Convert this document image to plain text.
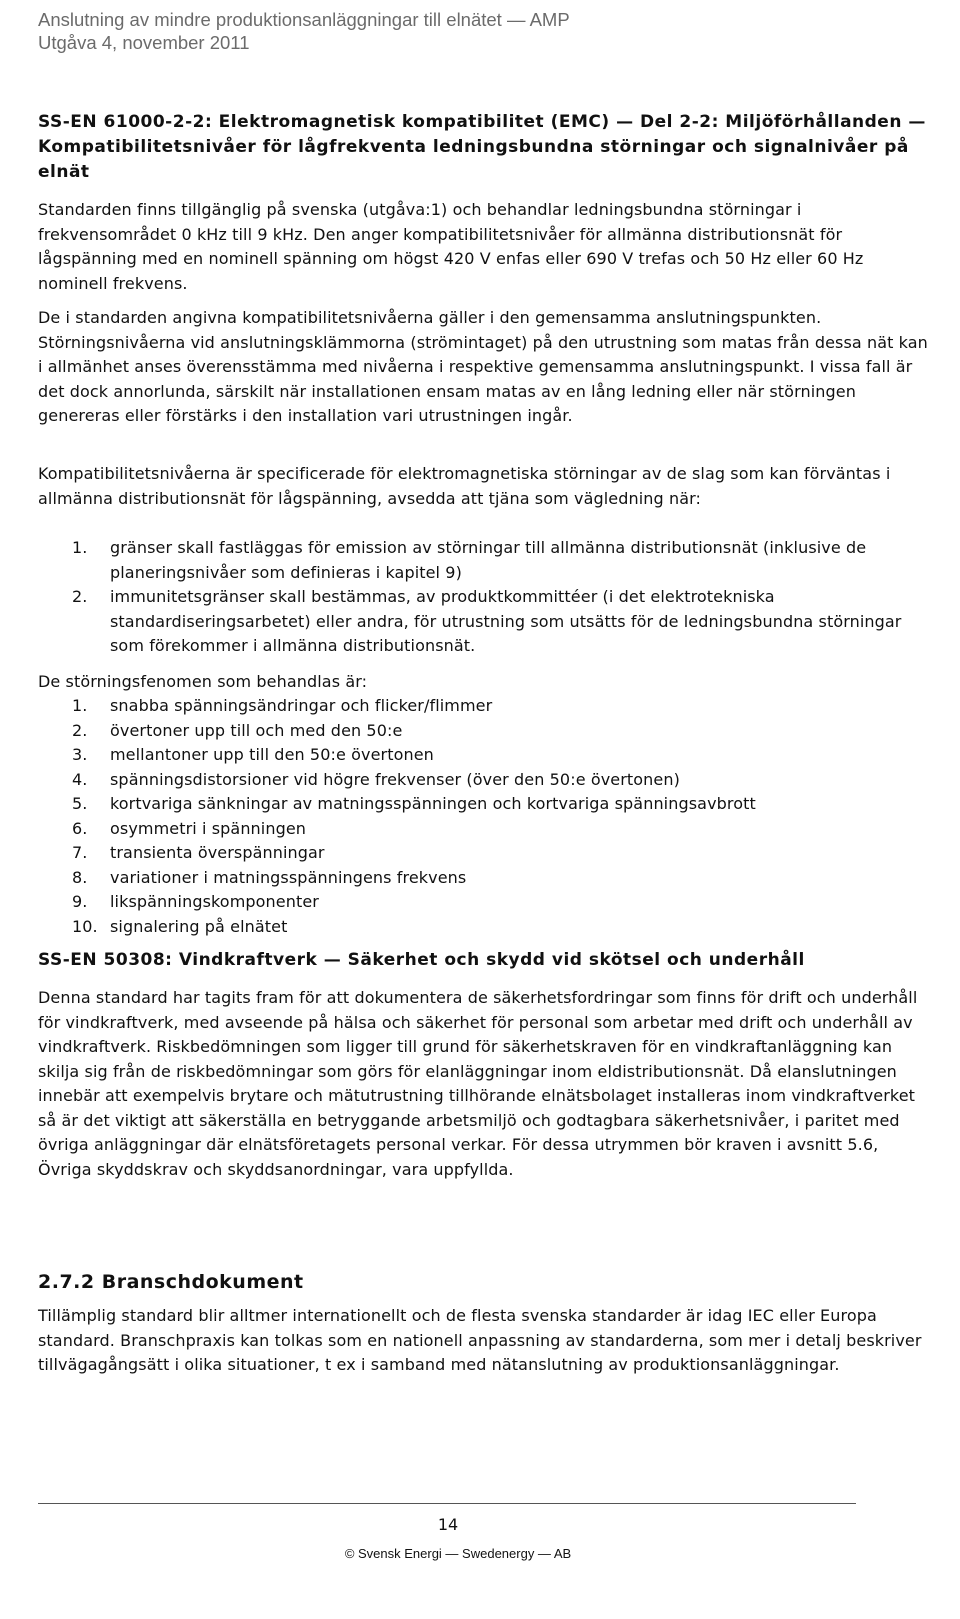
Anslutning av mindre produktionsanläggningar till elnätet — AMP
Utgåva 4, november 2011

SS-EN 61000-2-2: Elektromagnetisk kompatibilitet (EMC) — Del 2-2: Miljöförhållanden — Kompatibilitetsnivåer för lågfrekventa ledningsbundna störningar och signalnivåer på elnät

Standarden finns tillgänglig på svenska (utgåva:1) och behandlar ledningsbundna störningar i frekvensområdet 0 kHz till 9 kHz. Den anger kompatibilitetsnivåer för allmänna distributionsnät för lågspänning med en nominell spänning om högst 420 V enfas eller 690 V trefas och 50 Hz eller 60 Hz nominell frekvens.

De i standarden angivna kompatibilitetsnivåerna gäller i den gemensamma anslutningspunkten. Störningsnivåerna vid anslutningsklämmorna (strömintaget) på den utrustning som matas från dessa nät kan i allmänhet anses överensstämma med nivåerna i respektive gemensamma anslutningspunkt. I vissa fall är det dock annorlunda, särskilt när installationen ensam matas av en lång ledning eller när störningen genereras eller förstärks i den installation vari utrustningen ingår.

Kompatibilitetsnivåerna är specificerade för elektromagnetiska störningar av de slag som kan förväntas i allmänna distributionsnät för lågspänning, avsedda att tjäna som vägledning när:

1. gränser skall fastläggas för emission av störningar till allmänna distributionsnät (inklusive de planeringsnivåer som definieras i kapitel 9)
2. immunitetsgränser skall bestämmas, av produktkommittéer (i det elektrotekniska standardiseringsarbetet) eller andra, för utrustning som utsätts för de ledningsbundna störningar som förekommer i allmänna distributionsnät.

De störningsfenomen som behandlas är:

1. snabba spänningsändringar och flicker/flimmer
2. övertoner upp till och med den 50:e
3. mellantoner upp till den 50:e övertonen
4. spänningsdistorsioner vid högre frekvenser (över den 50:e övertonen)
5. kortvariga sänkningar av matningsspänningen och kortvariga spänningsavbrott
6. osymmetri i spänningen
7. transienta överspänningar
8. variationer i matningsspänningens frekvens
9. likspänningskomponenter
10. signalering på elnätet

SS-EN 50308: Vindkraftverk — Säkerhet och skydd vid skötsel och underhåll

Denna standard har tagits fram för att dokumentera de säkerhetsfordringar som finns för drift och underhåll för vindkraftverk, med avseende på hälsa och säkerhet för personal som arbetar med drift och underhåll av vindkraftverk. Riskbedömningen som ligger till grund för säkerhetskraven för en vindkraftanläggning kan skilja sig från de riskbedömningar som görs för elanläggningar inom eldistributionsnät. Då elanslutningen innebär att exempelvis brytare och mätutrustning tillhörande elnätsbolaget installeras inom vindkraftverket så är det viktigt att säkerställa en betryggande arbetsmiljö och godtagbara säkerhetsnivåer, i paritet med övriga anläggningar där elnätsföretagets personal verkar. För dessa utrymmen bör kraven i avsnitt 5.6, Övriga skyddskrav och skyddsanordningar, vara uppfyllda.

2.7.2 Branschdokument

Tillämplig standard blir alltmer internationellt och de flesta svenska standarder är idag IEC eller Europa standard. Branschpraxis kan tolkas som en nationell anpassning av standarderna, som mer i detalj beskriver tillvägagångsätt i olika situationer, t ex i samband med nätanslutning av produktionsanläggningar.

14
© Svensk Energi — Swedenergy — AB
